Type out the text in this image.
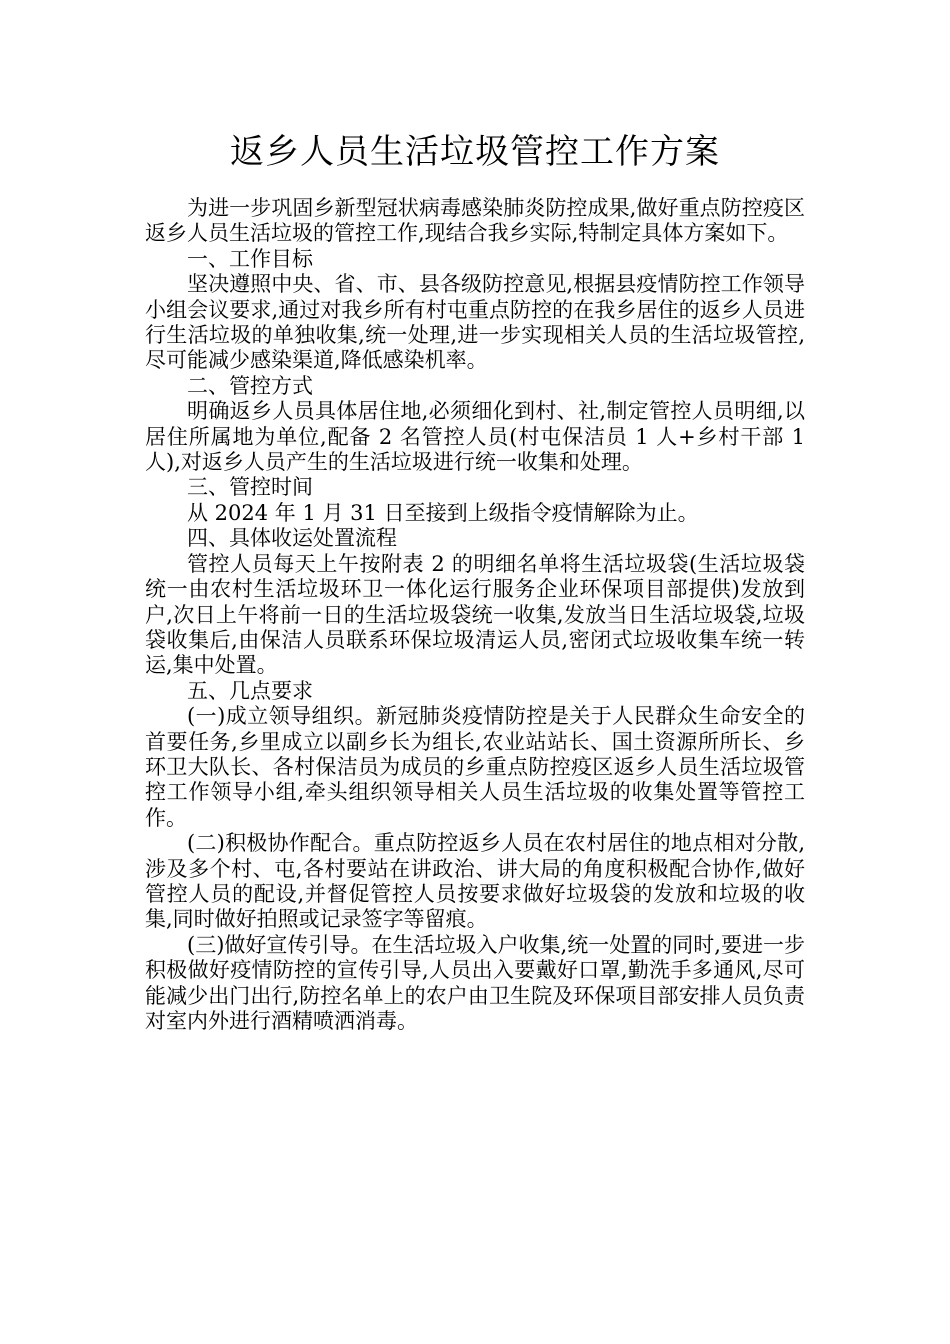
返乡人员生活垃圾管控工作方案

为进一步巩固乡新型冠状病毒感染肺炎防控成果,做好重点防控疫区返乡人员生活垃圾的管控工作,现结合我乡实际,特制定具体方案如下。

一、工作目标

坚决遵照中央、省、市、县各级防控意见,根据县疫情防控工作领导小组会议要求,通过对我乡所有村屯重点防控的在我乡居住的返乡人员进行生活垃圾的单独收集,统一处理,进一步实现相关人员的生活垃圾管控,尽可能减少感染渠道,降低感染机率。

二、管控方式

明确返乡人员具体居住地,必须细化到村、社,制定管控人员明细,以居住所属地为单位,配备 2 名管控人员(村屯保洁员 1 人+乡村干部 1 人),对返乡人员产生的生活垃圾进行统一收集和处理。

三、管控时间

从 2024 年 1 月 31 日至接到上级指令疫情解除为止。

四、具体收运处置流程

管控人员每天上午按附表 2 的明细名单将生活垃圾袋(生活垃圾袋统一由农村生活垃圾环卫一体化运行服务企业环保项目部提供)发放到户,次日上午将前一日的生活垃圾袋统一收集,发放当日生活垃圾袋,垃圾袋收集后,由保洁人员联系环保垃圾清运人员,密闭式垃圾收集车统一转运,集中处置。

五、几点要求

(一)成立领导组织。新冠肺炎疫情防控是关于人民群众生命安全的首要任务,乡里成立以副乡长为组长,农业站站长、国土资源所所长、乡环卫大队长、各村保洁员为成员的乡重点防控疫区返乡人员生活垃圾管控工作领导小组,牵头组织领导相关人员生活垃圾的收集处置等管控工作。

(二)积极协作配合。重点防控返乡人员在农村居住的地点相对分散,涉及多个村、屯,各村要站在讲政治、讲大局的角度积极配合协作,做好管控人员的配设,并督促管控人员按要求做好垃圾袋的发放和垃圾的收集,同时做好拍照或记录签字等留痕。

(三)做好宣传引导。在生活垃圾入户收集,统一处置的同时,要进一步积极做好疫情防控的宣传引导,人员出入要戴好口罩,勤洗手多通风,尽可能减少出门出行,防控名单上的农户由卫生院及环保项目部安排人员负责对室内外进行酒精喷洒消毒。
